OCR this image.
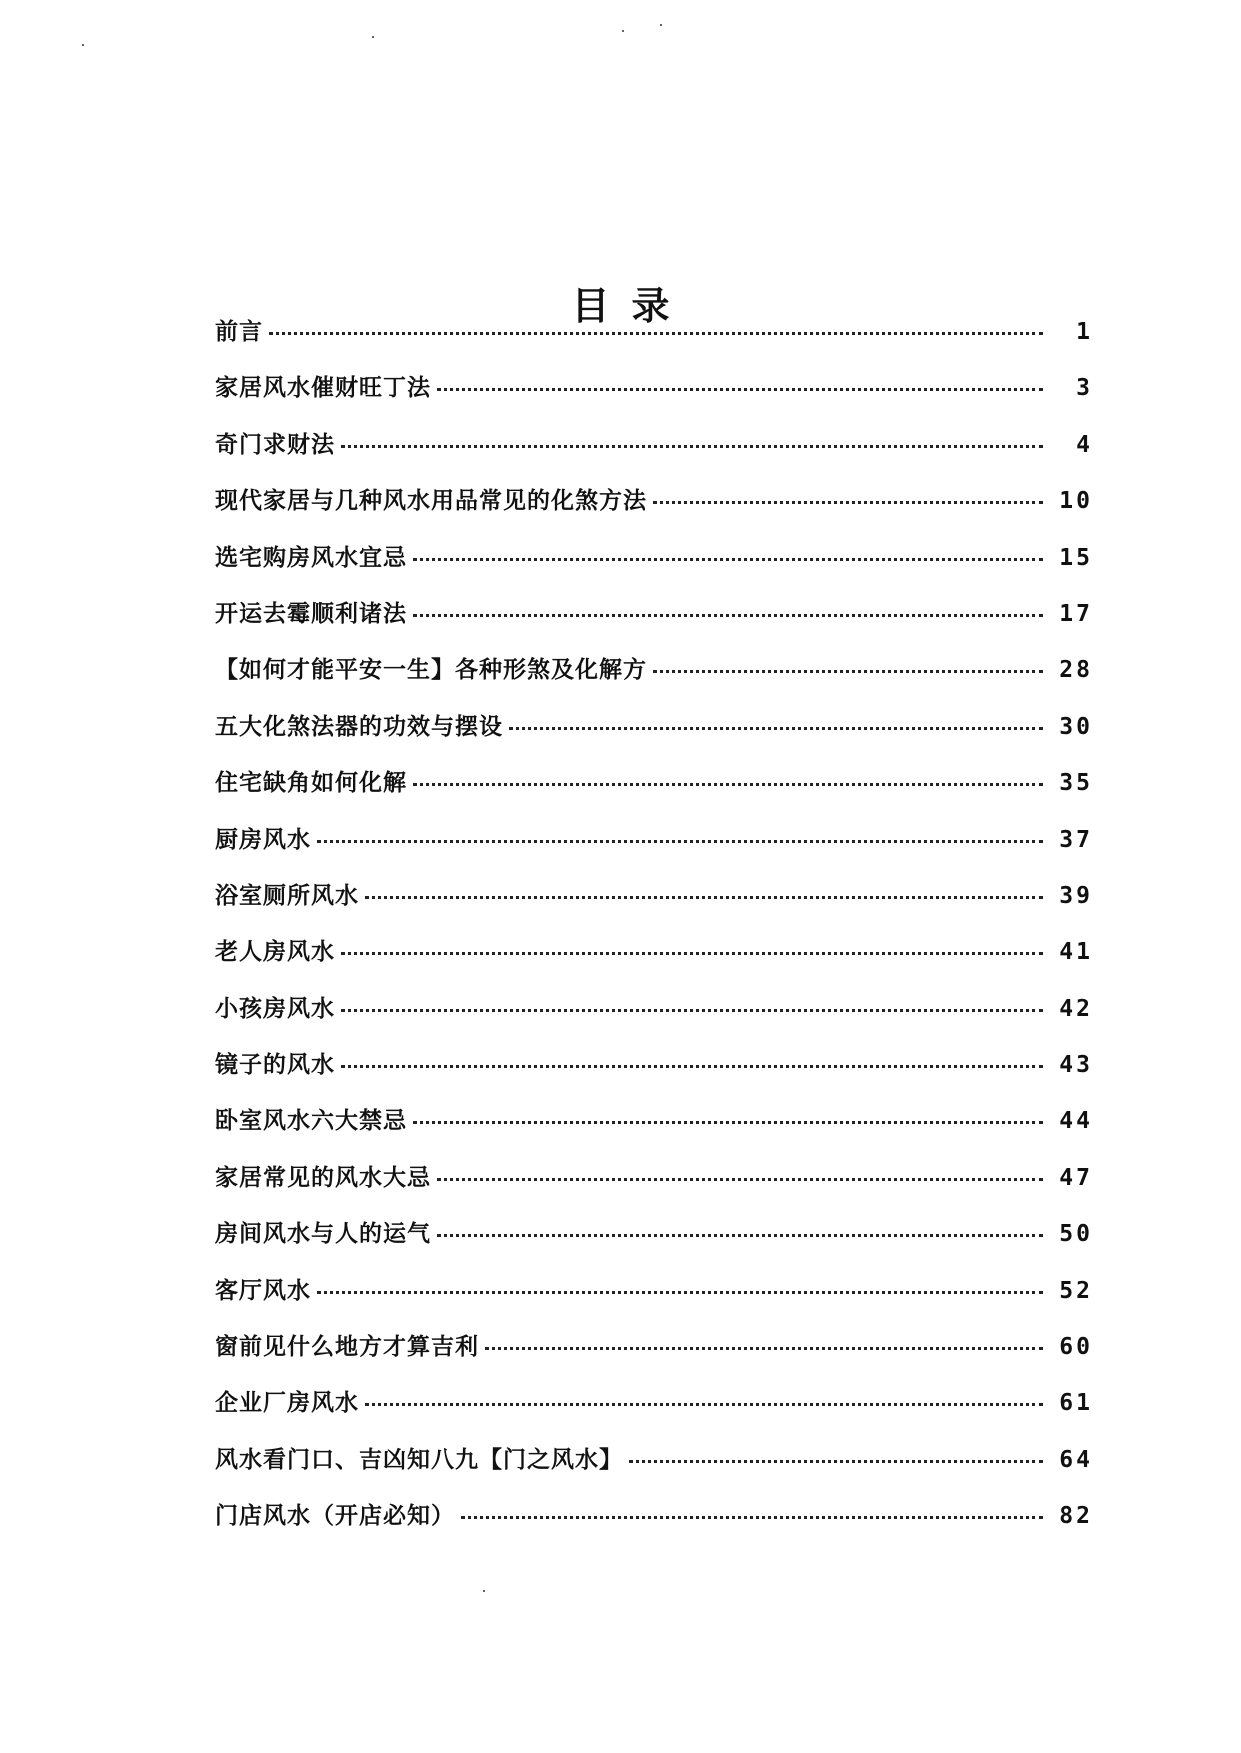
目录
前言	1
家居风水催财旺丁法	3
奇门求财法	4
现代家居与几种风水用品常见的化煞方法	10
选宅购房风水宜忌	15
开运去霉顺利诸法	17
【如何才能平安一生】各种形煞及化解方	28
五大化煞法器的功效与摆设	30
住宅缺角如何化解	35
厨房风水	37
浴室厕所风水	39
老人房风水	41
小孩房风水	42
镜子的风水	43
卧室风水六大禁忌	44
家居常见的风水大忌	47
房间风水与人的运气	50
客厅风水	52
窗前见什么地方才算吉利	60
企业厂房风水	61
风水看门口、吉凶知八九【门之风水】	64
门店风水（开店必知）	82
